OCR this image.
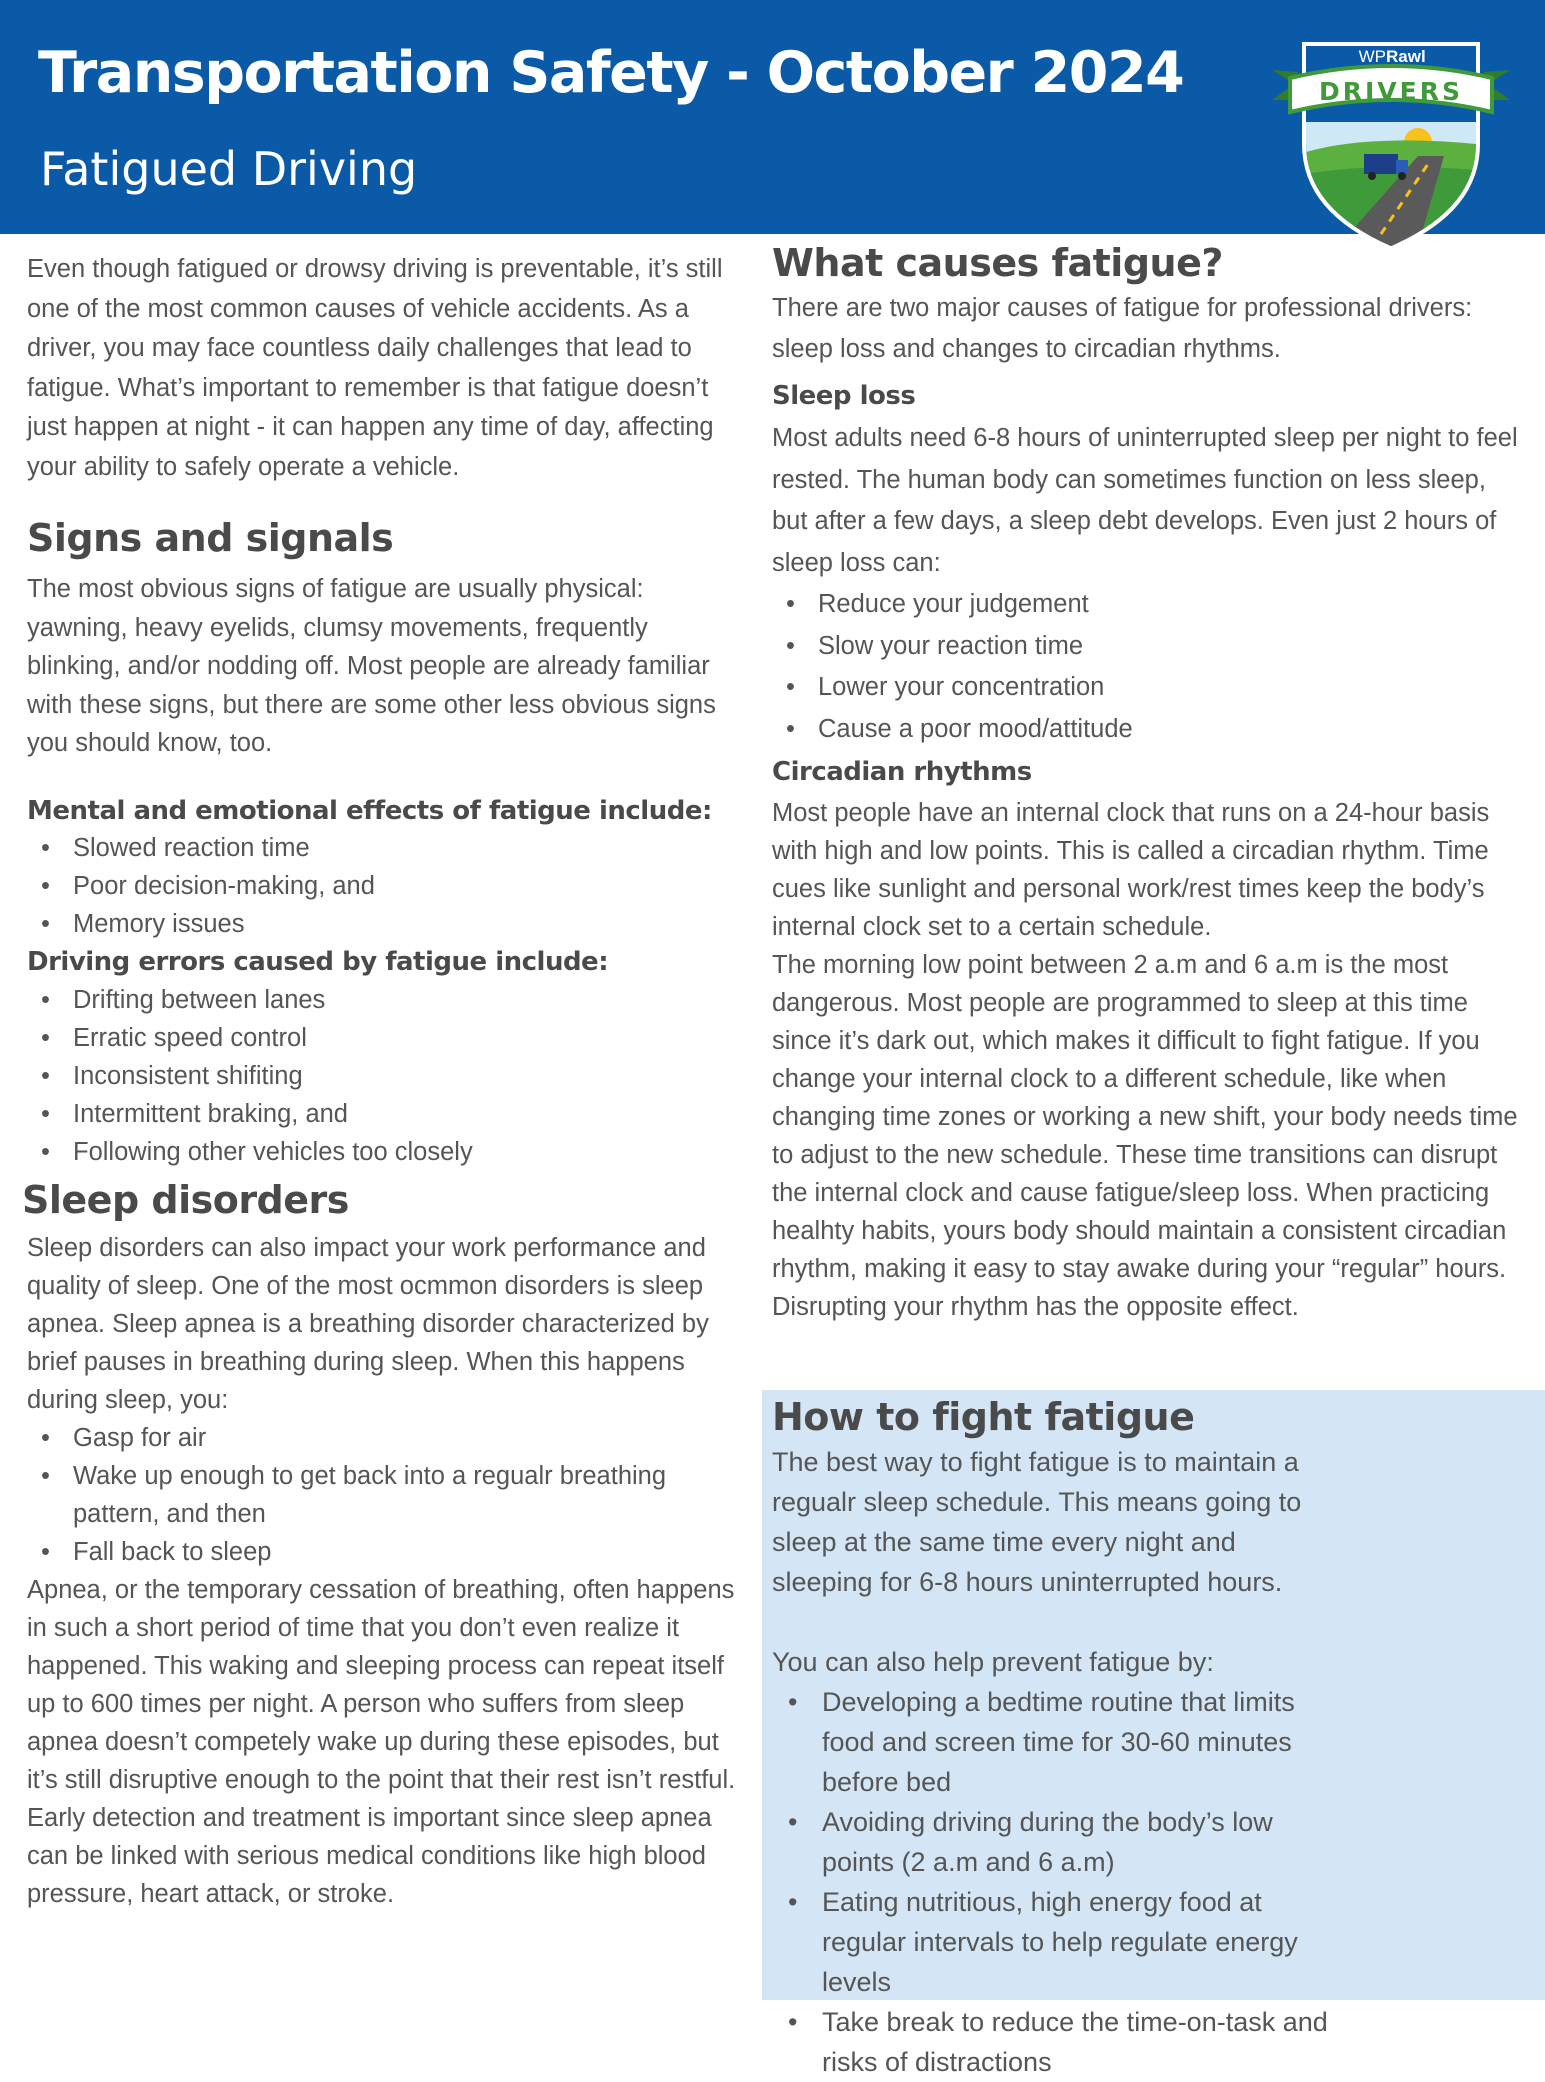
Transportation Safety - October 2024
Fatigued Driving
WP Rawl
DRIVERS

Even though fatigued or drowsy driving is preventable, it’s still one of the most common causes of vehicle accidents. As a driver, you may face countless daily challenges that lead to fatigue. What’s important to remember is that fatigue doesn’t just happen at night - it can happen any time of day, affecting your ability to safely operate a vehicle.

Signs and signals

The most obvious signs of fatigue are usually physical: yawning, heavy eyelids, clumsy movements, frequently blinking, and/or nodding off. Most people are already familiar with these signs, but there are some other less obvious signs you should know, too.

Mental and emotional effects of fatigue include:
• Slowed reaction time
• Poor decision-making, and
• Memory issues
Driving errors caused by fatigue include:
• Drifting between lanes
• Erratic speed control
• Inconsistent shifiting
• Intermittent braking, and
• Following other vehicles too closely
Sleep disorders

Sleep disorders can also impact your work performance and quality of sleep. One of the most ocmmon disorders is sleep apnea. Sleep apnea is a breathing disorder characterized by brief pauses in breathing during sleep. When this happens during sleep, you:

• Gasp for air
• Wake up enough to get back into a regualr breathing pattern, and then
• Fall back to sleep

Apnea, or the temporary cessation of breathing, often happens in such a short period of time that you don’t even realize it happened. This waking and sleeping process can repeat itself up to 600 times per night. A person who suffers from sleep apnea doesn’t competely wake up during these episodes, but it’s still disruptive enough to the point that their rest isn’t restful. Early detection and treatment is important since sleep apnea can be linked with serious medical conditions like high blood pressure, heart attack, or stroke.

What causes fatigue?

There are two major causes of fatigue for professional drivers: sleep loss and changes to circadian rhythms.

Sleep loss

Most adults need 6-8 hours of uninterrupted sleep per night to feel rested. The human body can sometimes function on less sleep, but after a few days, a sleep debt develops. Even just 2 hours of sleep loss can:

• Reduce your judgement
• Slow your reaction time
• Lower your concentration
• Cause a poor mood/attitude
Circadian rhythms

Most people have an internal clock that runs on a 24-hour basis with high and low points. This is called a circadian rhythm. Time cues like sunlight and personal work/rest times keep the body’s internal clock set to a certain schedule.

The morning low point between 2 a.m and 6 a.m is the most dangerous. Most people are programmed to sleep at this time since it’s dark out, which makes it difficult to fight fatigue. If you change your internal clock to a different schedule, like when changing time zones or working a new shift, your body needs time to adjust to the new schedule. These time transitions can disrupt the internal clock and cause fatigue/sleep loss. When practicing healhty habits, yours body should maintain a consistent circadian rhythm, making it easy to stay awake during your “regular” hours. Disrupting your rhythm has the opposite effect.

How to fight fatigue

The best way to fight fatigue is to maintain a regualr sleep schedule. This means going to sleep at the same time every night and sleeping for 6-8 hours uninterrupted hours.

You can also help prevent fatigue by:

• Developing a bedtime routine that limits food and screen time for 30-60 minutes before bed
• Avoiding driving during the body’s low points (2 a.m and 6 a.m)
• Eating nutritious, high energy food at regular intervals to help regulate energy levels
• Take break to reduce the time-on-task and risks of distractions
